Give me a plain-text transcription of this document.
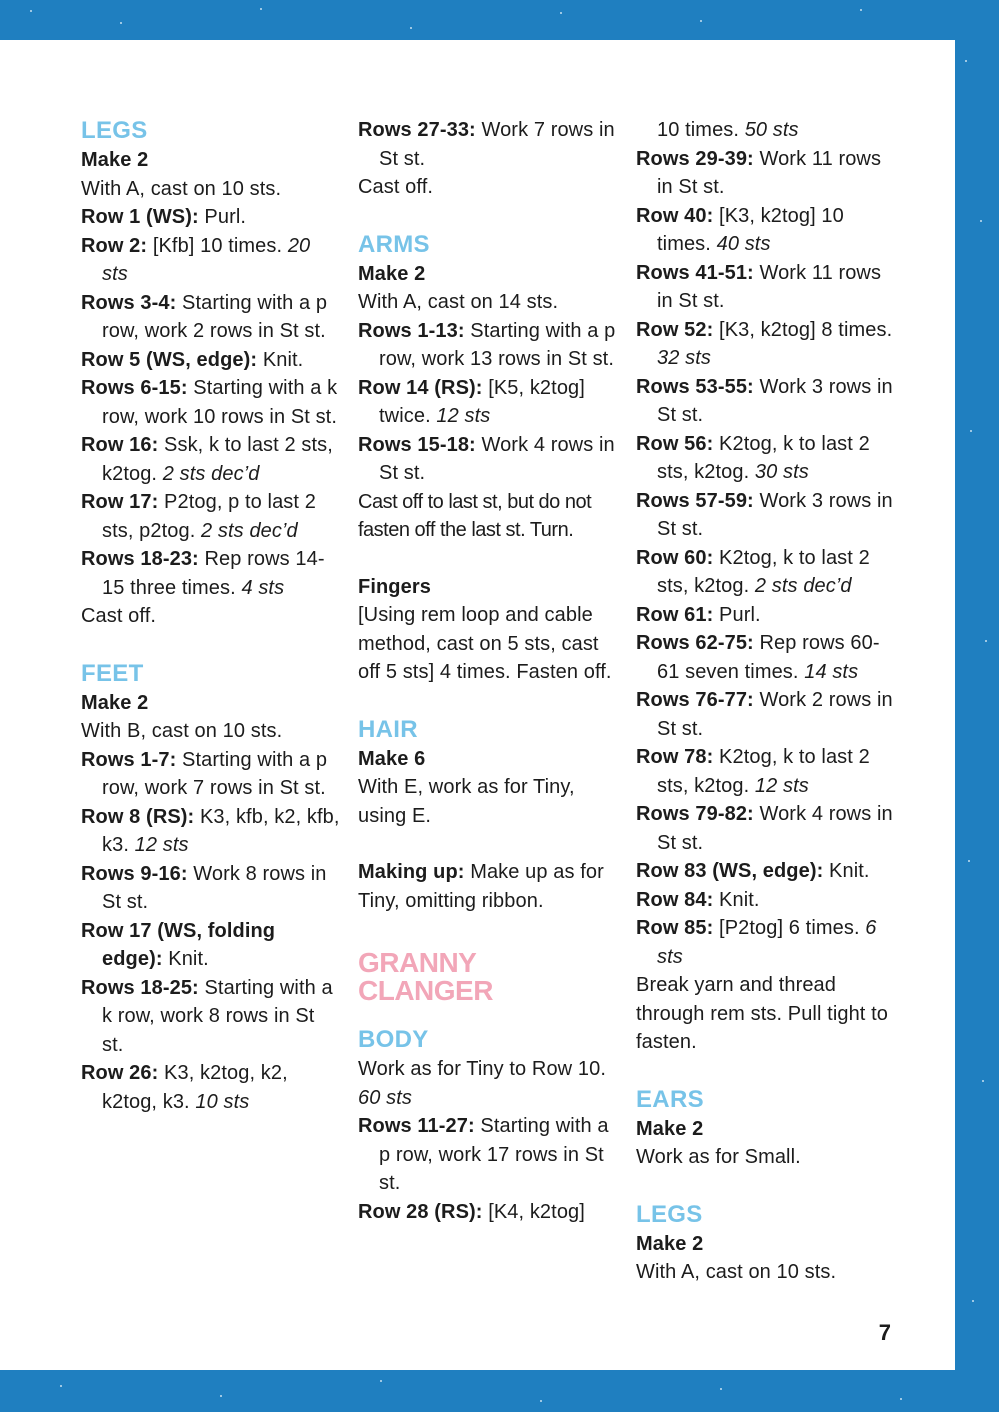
LEGS

Make 2

With A, cast on 10 sts.

Row 1 (WS): Purl.

Row 2: [Kfb] 10 times. 20 sts

Rows 3-4: Starting with a p row, work 2 rows in St st.

Row 5 (WS, edge): Knit.

Rows 6-15: Starting with a k row, work 10 rows in St st.

Row 16: Ssk, k to last 2 sts, k2tog. 2 sts dec’d

Row 17: P2tog, p to last 2 sts, p2tog. 2 sts dec’d

Rows 18-23: Rep rows 14-15 three times. 4 sts

Cast off.

FEET

Make 2

With B, cast on 10 sts.

Rows 1-7: Starting with a p row, work 7 rows in St st.

Row 8 (RS): K3, kfb, k2, kfb, k3. 12 sts

Rows 9-16: Work 8 rows in St st.

Row 17 (WS, folding edge): Knit.

Rows 18-25: Starting with a k row, work 8 rows in St st.

Row 26: K3, k2tog, k2, k2tog, k3. 10 sts

Rows 27-33: Work 7 rows in St st.

Cast off.

ARMS

Make 2

With A, cast on 14 sts.

Rows 1-13: Starting with a p row, work 13 rows in St st.

Row 14 (RS): [K5, k2tog] twice. 12 sts

Rows 15-18: Work 4 rows in St st.

Cast off to last st, but do not fasten off the last st. Turn.

Fingers

[Using rem loop and cable method, cast on 5 sts, cast off 5 sts] 4 times. Fasten off.

HAIR

Make 6

With E, work as for Tiny, using E.

Making up: Make up as for Tiny, omitting ribbon.

GRANNY
CLANGER
BODY

Work as for Tiny to Row 10. 60 sts

Rows 11-27: Starting with a p row, work 17 rows in St st.

Row 28 (RS): [K4, k2tog]

10 times. 50 sts

Rows 29-39: Work 11 rows in St st.

Row 40: [K3, k2tog] 10 times. 40 sts

Rows 41-51: Work 11 rows in St st.

Row 52: [K3, k2tog] 8 times. 32 sts

Rows 53-55: Work 3 rows in St st.

Row 56: K2tog, k to last 2 sts, k2tog. 30 sts

Rows 57-59: Work 3 rows in St st.

Row 60: K2tog, k to last 2 sts, k2tog. 2 sts dec’d

Row 61: Purl.

Rows 62-75: Rep rows 60-61 seven times. 14 sts

Rows 76-77: Work 2 rows in St st.

Row 78: K2tog, k to last 2 sts, k2tog. 12 sts

Rows 79-82: Work 4 rows in St st.

Row 83 (WS, edge): Knit.

Row 84: Knit.

Row 85: [P2tog] 6 times. 6 sts

Break yarn and thread through rem sts. Pull tight to fasten.

EARS

Make 2

Work as for Small.

LEGS

Make 2

With A, cast on 10 sts.

7
